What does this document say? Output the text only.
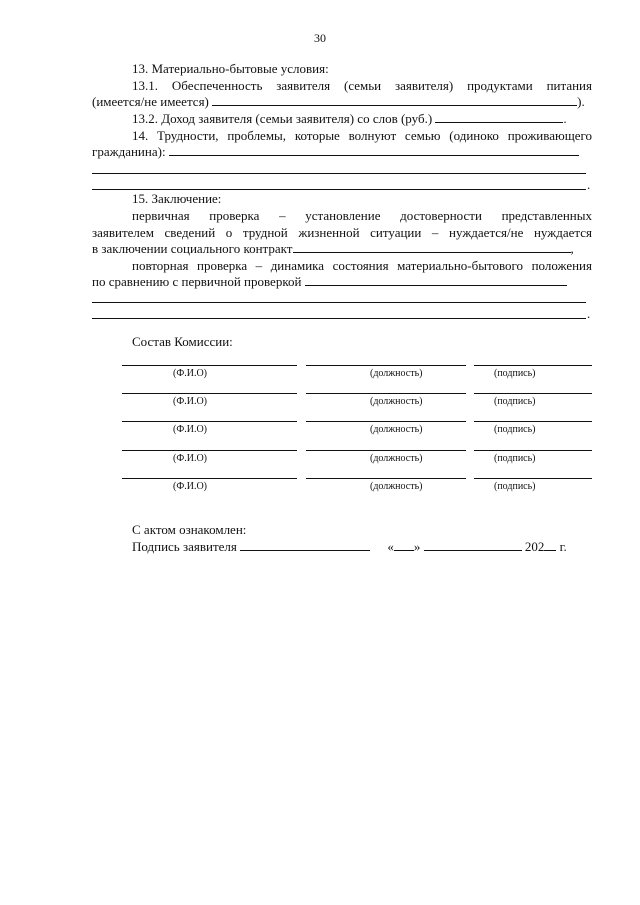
30
13. Материально-бытовые условия:
13.1. Обеспеченность заявителя (семьи заявителя) продуктами питания
(имеется/не имеется)	).
13.2. Доход заявителя (семьи заявителя) со слов (руб.)	.
14. Трудности, проблемы, которые волнуют семью (одиноко проживающего
гражданина):
.
15. Заключение:
первичная проверка – установление достоверности представленных
заявителем сведений о трудной жизненной ситуации – нуждается/не нуждается
в заключении социального контракт	,
повторная проверка – динамика состояния материально-бытового положения
по сравнению с первичной проверкой
.
Состав Комиссии:
(Ф.И.О)	(должность)	(подпись)
(Ф.И.О)	(должность)	(подпись)
(Ф.И.О)	(должность)	(подпись)
(Ф.И.О)	(должность)	(подпись)
(Ф.И.О)	(должность)	(подпись)
С актом ознакомлен:
Подпись заявителя	« »	202 г.
